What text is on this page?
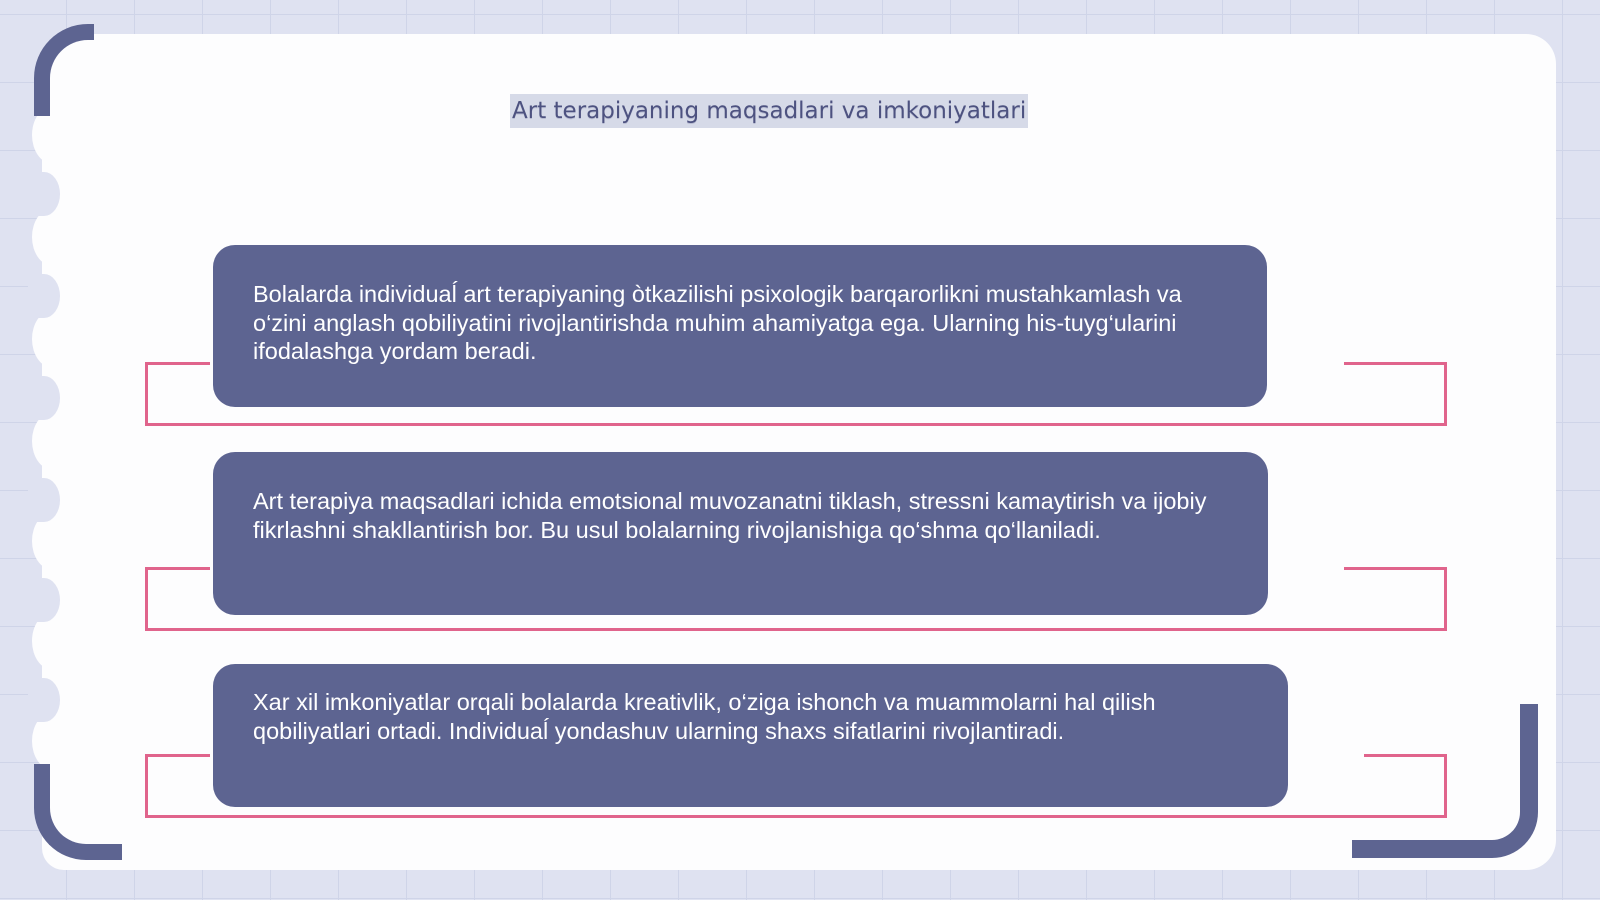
Art terapiyaning maqsadlari va imkoniyatlari

Bolalarda individuaĺ art terapiyaning òtkazilishi psixologik barqarorlikni mustahkamlash va o‘zini anglash qobiliyatini rivojlantirishda muhim ahamiyatga ega. Ularning his-tuyg‘ularini ifodalashga yordam beradi.

Art terapiya maqsadlari ichida emotsional muvozanatni tiklash, stressni kamaytirish va ijobiy fikrlashni shakllantirish bor. Bu usul bolalarning rivojlanishiga qo‘shma qo‘llaniladi.

Xar xil imkoniyatlar orqali bolalarda kreativlik, o‘ziga ishonch va muammolarni hal qilish qobiliyatlari ortadi. Individuaĺ yondashuv ularning shaxs sifatlarini rivojlantiradi.
